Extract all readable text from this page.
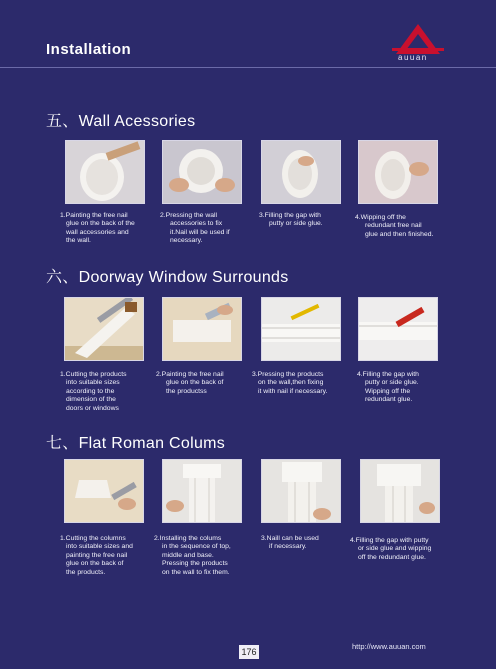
Installation	auuan
五、Wall Acessories
1.Painting the free nail
glue on the back of the
wall accessories and
the wall.
2.Pressing the wall
accessories to fix
it.Nail will be used if
necessary.
3.Filling the gap with
putty or side glue.
4.Wipping off the
redundant free nail
glue and then finished.
六、Doorway Window Surrounds
1.Cutting the products
into suitable sizes
according to the
dimension of the
doors or windows
2.Painting the free nail
glue on the back of
the productss
3.Pressing the products
on the wall,then fixing
it with nail if necessary.
4.Filling the gap with
putty or side glue.
Wipping off the
redundant glue.
七、Flat Roman Colums
1.Cutting the columns
into suitable sizes and
painting the free nail
glue on the back of
the products.
2.Installing the colums
in the sequence of top,
middle and base.
Pressing the products
on the wall to fix them.
3.Naill can be used
if necessary.
4.Filling the gap with putty
or side glue and wipping
off the redundant glue.
176
http://www.auuan.com
